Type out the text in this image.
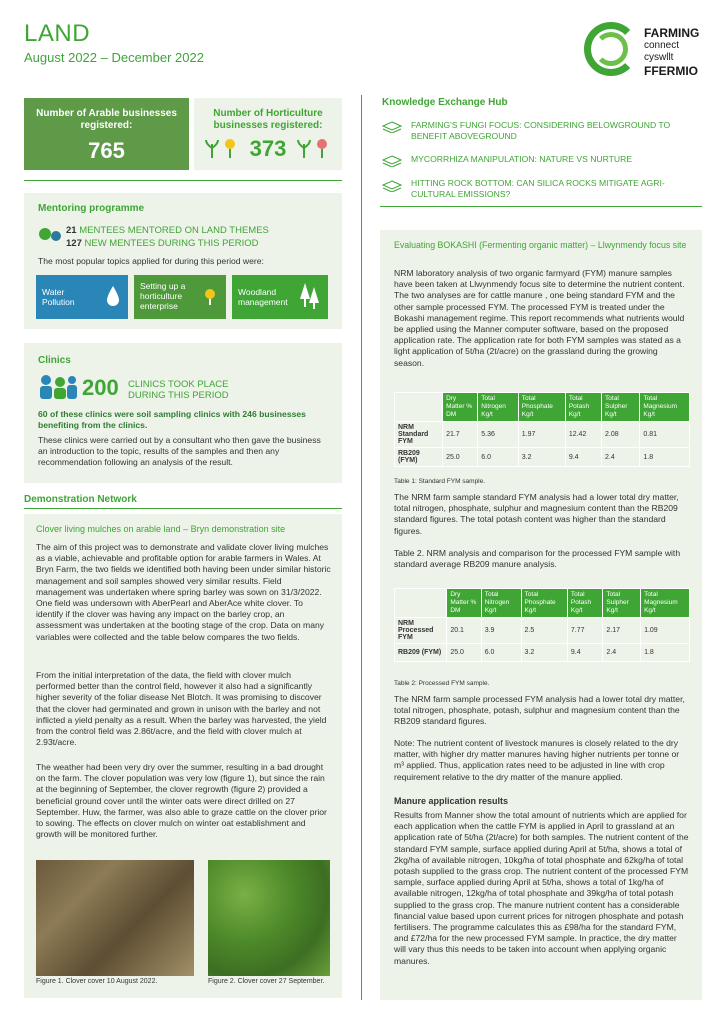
LAND
August 2022 – December 2022
FARMING
connect
cyswllt
FFERMIO
Number of Arable businesses registered:
765
Number of Horticulture businesses registered:
373
Mentoring programme
21 MENTEES MENTORED ON LAND THEMES
127 NEW MENTEES DURING THIS PERIOD
The most popular topics applied for during this period were:
Water Pollution
Setting up a horticulture enterprise
Woodland management
Clinics
200 CLINICS TOOK PLACE
DURING THIS PERIOD
60 of these clinics were soil sampling clinics with 246 businesses benefiting from the clinics.
These clinics were carried out by a consultant who then gave the business an introduction to the topic, results of the samples and then any recommendation following an analysis of the result.
Demonstration Network
Clover living mulches on arable land – Bryn demonstration site
The aim of this project was to demonstrate and validate clover living mulches as a viable, achievable and profitable option for arable farmers in Wales. At Bryn Farm, the two fields we identified both having been under similar historic management and soil samples showed very similar results. Field management was undertaken where spring barley was sown on 31/3/2022. One field was undersown with AberPearl and AberAce white clover. To identify if the clover was having any impact on the barley crop, an assessment was undertaken at the booting stage of the crop. Data on many variables were collected and the table below compares the two fields.
From the initial interpretation of the data, the field with clover mulch performed better than the control field, however it also had a significantly higher severity of the foliar disease Net Blotch. It was promising to discover that the clover had germinated and grown in unison with the barley and not inflicted a yield penalty as a result. When the barley was harvested, the yield from the control field was 2.86t/acre, and the field with clover mulch at 2.93t/acre.
The weather had been very dry over the summer, resulting in a bad drought on the farm. The clover population was very low (figure 1), but since the rain at the beginning of September, the clover regrowth (figure 2) provided a beneficial ground cover until the winter oats were direct drilled on 27 September. Huw, the farmer, was also able to graze cattle on the clover prior to sowing. The effects on clover mulch on winter oat establishment and growth will be monitored further.
Figure 1. Clover cover 10 August 2022.	Figure 2. Clover cover 27 September.
Knowledge Exchange Hub
FARMING'S FUNGI FOCUS: CONSIDERING BELOWGROUND TO BENEFIT ABOVEGROUND
MYCORRHIZA MANIPULATION: NATURE VS NURTURE
HITTING ROCK BOTTOM: CAN SILICA ROCKS MITIGATE AGRI-CULTURAL EMISSIONS?
Evaluating BOKASHI (Fermenting organic matter) – Llwynmendy focus site
NRM laboratory analysis of two organic farmyard (FYM) manure samples have been taken at Llwynmendy focus site to determine the nutrient content. The two analyses are for cattle manure , one being standard FYM and the other sample processed FYM. The processed FYM is treated under the Bokashi management regime. This report recommends what nutrients would be applied using the Manner computer software, based on the proposed application rate. The application rate for both FYM samples was stated as a light application of 5t/ha (2t/acre) on the grassland during the growing season.
	Dry Matter % DM	Total Nitrogen Kg/t	Total Phosphate Kg/t	Total Potash Kg/t	Total Sulpher Kg/t	Total Magnesium Kg/t
NRM Standard FYM	21.7	5.36	1.97	12.42	2.08	0.81
RB209 (FYM)	25.0	6.0	3.2	9.4	2.4	1.8
Table 1: Standard FYM sample.
The NRM farm sample standard FYM analysis had a lower total dry matter, total nitrogen, phosphate, sulphur and magnesium content than the RB209 standard figures. The total potash content was higher than the standard figures.
Table 2. NRM analysis and comparison for the processed FYM sample with standard average RB209 manure analysis.
	Dry Matter % DM	Total Nitrogen Kg/t	Total Phosphate Kg/t	Total Potash Kg/t	Total Sulpher Kg/t	Total Magnesium Kg/t
NRM Processed FYM	20.1	3.9	2.5	7.77	2.17	1.09
RB209 (FYM)	25.0	6.0	3.2	9.4	2.4	1.8
Table 2: Processed FYM sample.
The NRM farm sample processed FYM analysis had a lower total dry matter, total nitrogen, phosphate, potash, sulphur and magnesium content than the RB209 standard figures.
Note: The nutrient content of livestock manures is closely related to the dry matter, with higher dry matter manures having higher nutrients per tonne or m³ applied. Thus, application rates need to be adjusted in line with crop requirement relative to the dry matter of the manure applied.
Manure application results
Results from Manner show the total amount of nutrients which are applied for each application when the cattle FYM is applied in April to grassland at an application rate of 5t/ha (2t/acre) for both samples. The nutrient content of the standard FYM sample, surface applied during April at 5t/ha, shows a total of 2kg/ha of available nitrogen, 10kg/ha of total phosphate and 62kg/ha of total potash supplied to the grass crop. The nutrient content of the processed FYM sample, surface applied during April at 5t/ha, shows a total of 1kg/ha of available nitrogen, 12kg/ha of total phosphate and 39kg/ha of total potash supplied to the grass crop. The manure nutrient content has a considerable financial value based upon current prices for nitrogen phosphate and potash fertilisers. The programme calculates this as £98/ha for the standard FYM, and £72/ha for the new processed FYM sample. In practice, the dry matter will vary thus this needs to be taken into account when applying organic manures.
